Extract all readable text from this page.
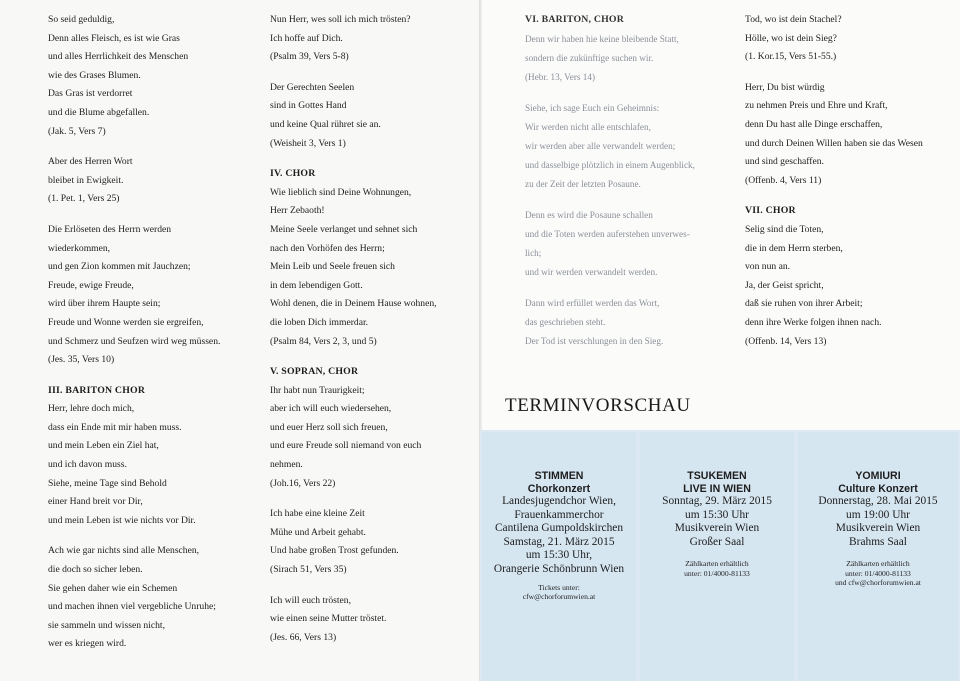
So seid geduldig,

Denn alles Fleisch, es ist wie Gras

und alles Herrlichkeit des Menschen

wie des Grases Blumen.

Das Gras ist verdorret

und die Blume abgefallen.

(Jak. 5, Vers 7)

Aber des Herren Wort

bleibet in Ewigkeit.

(1. Pet. 1, Vers 25)

Die Erlöseten des Herrn werden

wiederkommen,

und gen Zion kommen mit Jauchzen;

Freude, ewige Freude,

wird über ihrem Haupte sein;

Freude und Wonne werden sie ergreifen,

und Schmerz und Seufzen wird weg müssen.

(Jes. 35, Vers 10)

III. BARITON CHOR

Herr, lehre doch mich,

dass ein Ende mit mir haben muss.

und mein Leben ein Ziel hat,

und ich davon muss.

Siehe, meine Tage sind Behold

einer Hand breit vor Dir,

und mein Leben ist wie nichts vor Dir.

Ach wie gar nichts sind alle Menschen,

die doch so sicher leben.

Sie gehen daher wie ein Schemen

und machen ihnen viel vergebliche Unruhe;

sie sammeln und wissen nicht,

wer es kriegen wird.

Nun Herr, wes soll ich mich trösten?

Ich hoffe auf Dich.

(Psalm 39, Vers 5-8)

Der Gerechten Seelen

sind in Gottes Hand

und keine Qual rühret sie an.

(Weisheit 3, Vers 1)

IV. CHOR

Wie lieblich sind Deine Wohnungen,

Herr Zebaoth!

Meine Seele verlanget und sehnet sich

nach den Vorhöfen des Herrn;

Mein Leib und Seele freuen sich

in dem lebendigen Gott.

Wohl denen, die in Deinem Hause wohnen,

die loben Dich immerdar.

(Psalm 84, Vers 2, 3, und 5)

V. SOPRAN, CHOR

Ihr habt nun Traurigkeit;

aber ich will euch wiedersehen,

und euer Herz soll sich freuen,

und eure Freude soll niemand von euch

nehmen.

(Joh.16, Vers 22)

Ich habe eine kleine Zeit

Mühe und Arbeit gehabt.

Und habe großen Trost gefunden.

(Sirach 51, Vers 35)

Ich will euch trösten,

wie einen seine Mutter tröstet.

(Jes. 66, Vers 13)

VI. BARITON, CHOR

Denn wir haben hie keine bleibende Statt,

sondern die zukünftige suchen wir.

(Hebr. 13, Vers 14)

Siehe, ich sage Euch ein Geheimnis:

Wir werden nicht alle entschlafen,

wir werden aber alle verwandelt werden;

und dasselbige plötzlich in einem Augenblick,

zu der Zeit der letzten Posaune.

Denn es wird die Posaune schallen

und die Toten werden auferstehen unverwes-

lich;

und wir werden verwandelt werden.

Dann wird erfüllet werden das Wort,

das geschrieben steht.

Der Tod ist verschlungen in den Sieg.

Tod, wo ist dein Stachel?

Hölle, wo ist dein Sieg?

(1. Kor.15, Vers 51-55.)

Herr, Du bist würdig

zu nehmen Preis und Ehre und Kraft,

denn Du hast alle Dinge erschaffen,

und durch Deinen Willen haben sie das Wesen

und sind geschaffen.

(Offenb. 4, Vers 11)

VII. CHOR

Selig sind die Toten,

die in dem Herrn sterben,

von nun an.

Ja, der Geist spricht,

daß sie ruhen von ihrer Arbeit;

denn ihre Werke folgen ihnen nach.

(Offenb. 14, Vers 13)

TERMINVORSCHAU
STIMMEN
Chorkonzert
Landesjugendchor Wien,
Frauenkammerchor
Cantilena Gumpoldskirchen
Samstag, 21. März 2015
um 15:30 Uhr,
Orangerie Schönbrunn Wien
Tickets unter:
cfw@chorforumwien.at
TSUKEMEN
LIVE IN WIEN
Sonntag, 29. März 2015
um 15:30 Uhr
Musikverein Wien
Großer Saal
Zählkarten erhältlich
unter: 01/4000-81133
YOMIURI
Culture Konzert
Donnerstag, 28. Mai 2015
um 19:00 Uhr
Musikverein Wien
Brahms Saal
Zählkarten erhältlich
unter: 01/4000-81133
und cfw@chorforumwien.at
